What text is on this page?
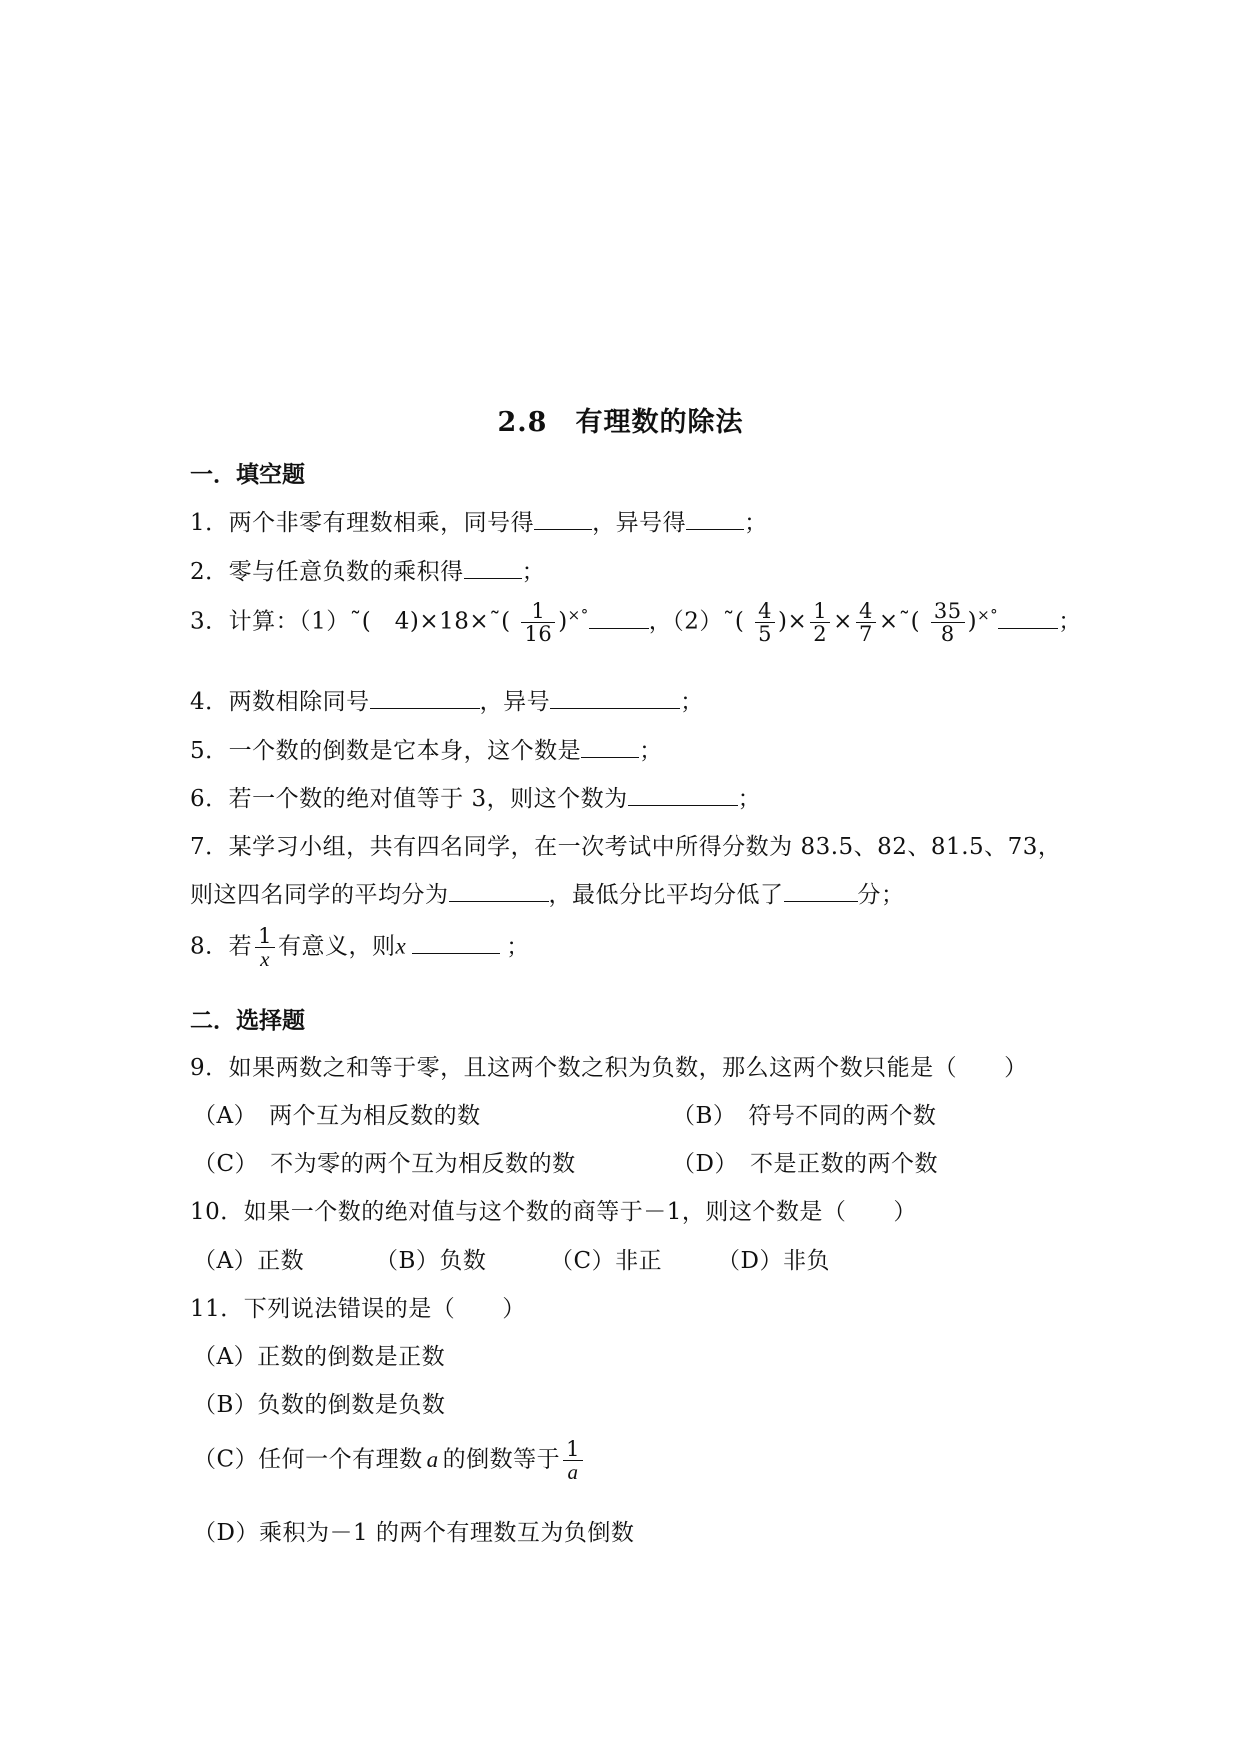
2.8　有理数的除法
一．填空题
1．两个非零有理数相乘，同号得	，异号得	；
2．零与任意负数的乘积得	；
3．计算：（1）˜(　4)×18×˜( $\frac{1}{16} )^{\times^\circ}$	，（2）˜( $\frac{4}{5}$ )× $\frac{1}{2} \times \frac{4}{7}$ ×˜( $\frac{35}{8} )^{\times^\circ}$	；
4．两数相除同号	，异号	；
5．一个数的倒数是它本身，这个数是	；
6．若一个数的绝对值等于 3，则这个数为	；
7．某学习小组，共有四名同学，在一次考试中所得分数为 83.5、82、81.5、73，
则这四名同学的平均分为	，最低分比平均分低了	分；
8．若 $\frac{1}{x}$ 有意义，则x	；
二．选择题
9．如果两数之和等于零，且这两个数之积为负数，那么这两个数只能是（　　）
（A）　两个互为相反数的数	（B）　符号不同的两个数
（C）　不为零的两个互为相反数的数	（D）　不是正数的两个数
10．如果一个数的绝对值与这个数的商等于－1，则这个数是（　　）
（A）正数	（B）负数	（C）非正 （D）非负
11．下列说法错误的是（　　）
（A）正数的倒数是正数
（B）负数的倒数是负数
（C）任何一个有理数 a 的倒数等于 $\frac{1}{a}$
（D）乘积为－1 的两个有理数互为负倒数
